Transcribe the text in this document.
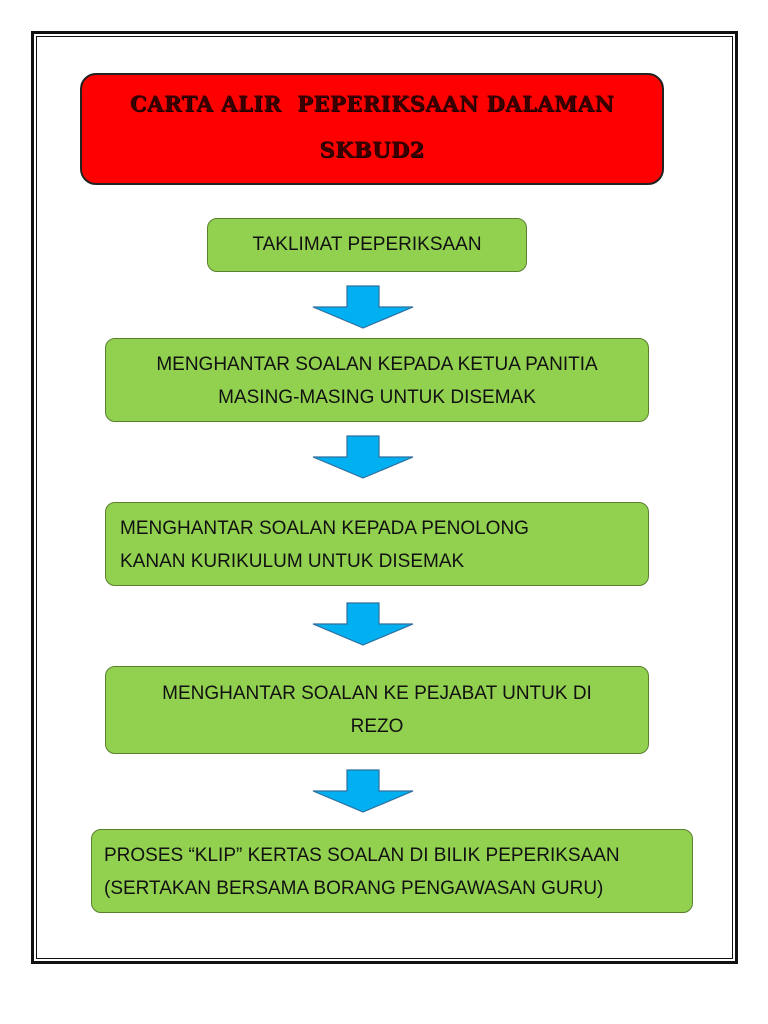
CARTA ALIR  PEPERIKSAAN DALAMAN
SKBUD2
TAKLIMAT PEPERIKSAAN
MENGHANTAR SOALAN KEPADA KETUA PANITIA
MASING-MASING UNTUK DISEMAK
MENGHANTAR SOALAN KEPADA PENOLONG
KANAN KURIKULUM UNTUK DISEMAK
MENGHANTAR SOALAN KE PEJABAT UNTUK DI
REZO
PROSES “KLIP” KERTAS SOALAN DI BILIK PEPERIKSAAN
(SERTAKAN BERSAMA BORANG PENGAWASAN GURU)
